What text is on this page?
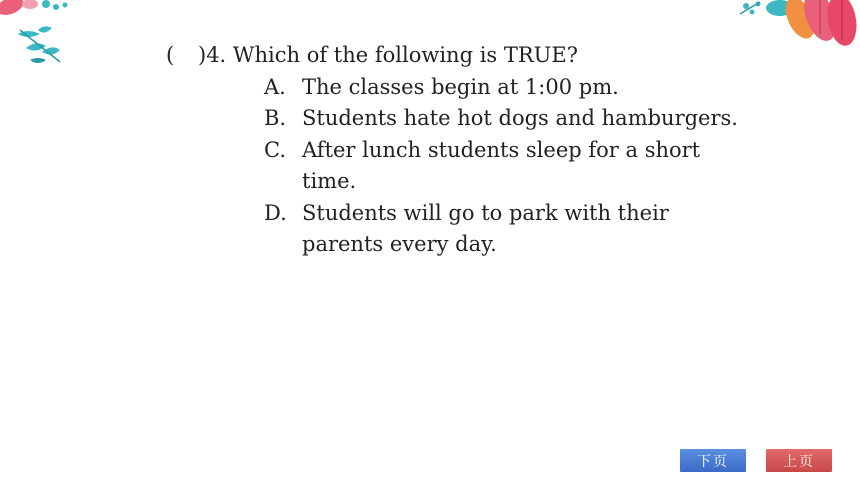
( )4. Which of the following is TRUE?
A. The classes begin at 1:00 pm.
B. Students hate hot dogs and hamburgers.
C. After lunch students sleep for a short
time.
D. Students will go to park with their
parents every day.
下页	上页
